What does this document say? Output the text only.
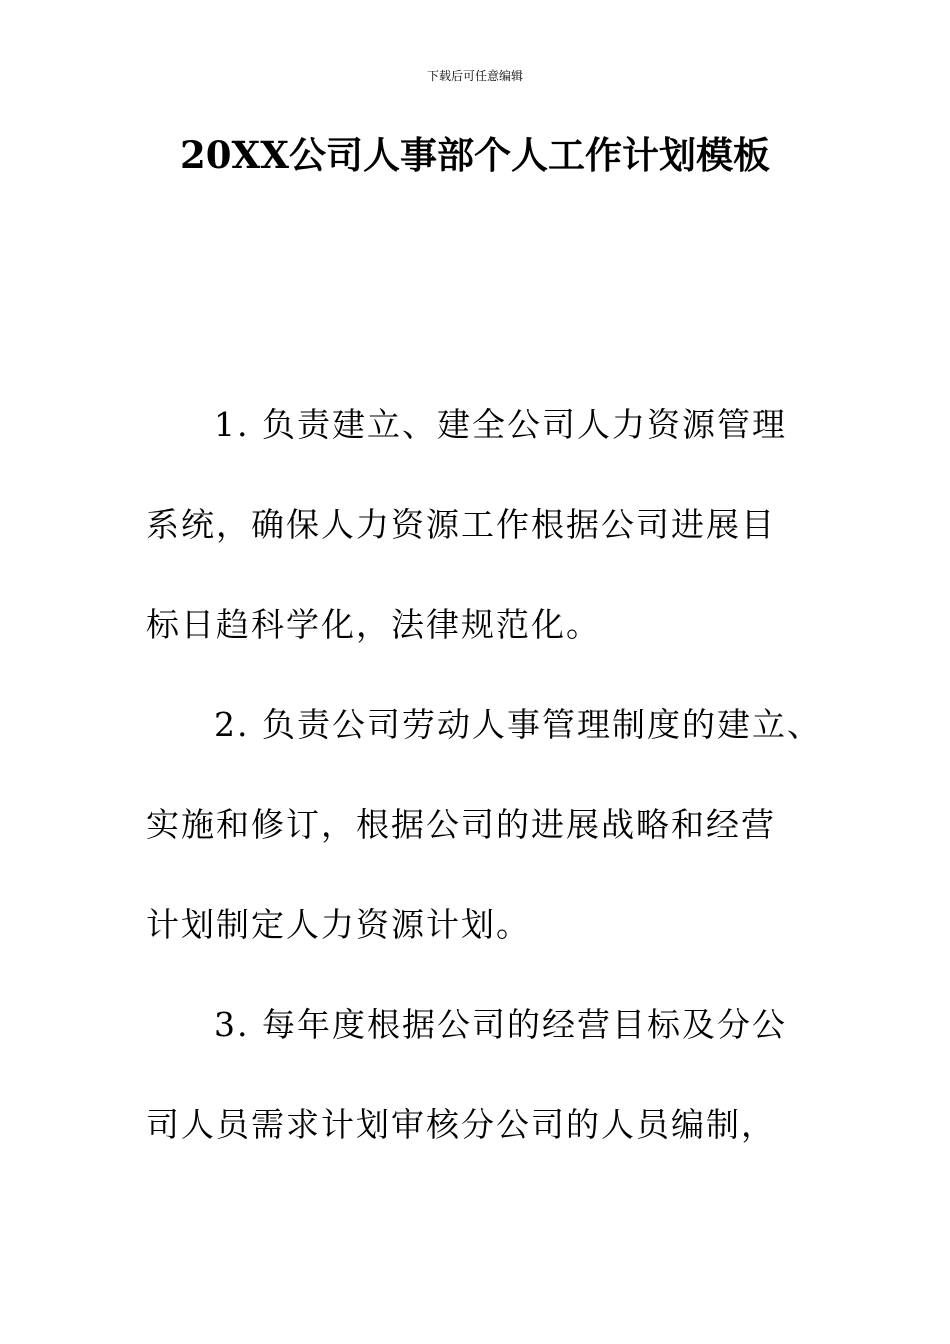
下载后可任意编辑
20XX公司人事部个人工作计划模板
1. 负责建立、建全公司人力资源管理
系统，确保人力资源工作根据公司进展目
标日趋科学化，法律规范化。
2. 负责公司劳动人事管理制度的建立、
实施和修订，根据公司的进展战略和经营
计划制定人力资源计划。
3. 每年度根据公司的经营目标及分公
司人员需求计划审核分公司的人员编制，
